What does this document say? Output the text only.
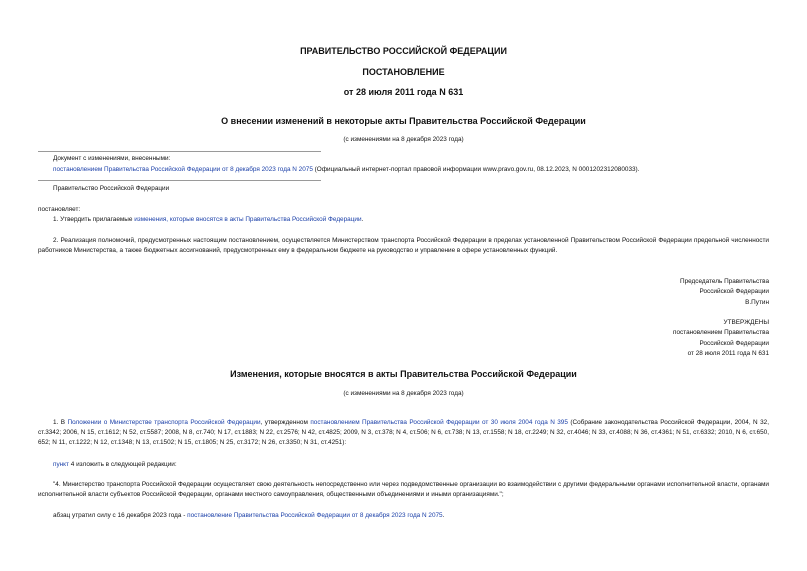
ПРАВИТЕЛЬСТВО РОССИЙСКОЙ ФЕДЕРАЦИИ
ПОСТАНОВЛЕНИЕ
от 28 июля 2011 года N 631
О внесении изменений в некоторые акты Правительства Российской Федерации
(с изменениями на 8 декабря 2023 года)
Документ с изменениями, внесенными:
постановлением Правительства Российской Федерации от 8 декабря 2023 года N 2075 (Официальный интернет-портал правовой информации www.pravo.gov.ru, 08.12.2023, N 0001202312080033).
Правительство Российской Федерации
постановляет:
1. Утвердить прилагаемые изменения, которые вносятся в акты Правительства Российской Федерации.
2. Реализация полномочий, предусмотренных настоящим постановлением, осуществляется Министерством транспорта Российской Федерации в пределах установленной Правительством Российской Федерации предельной численности работников Министерства, а также бюджетных ассигнований, предусмотренных ему в федеральном бюджете на руководство и управление в сфере установленных функций.
Председатель Правительства
Российской Федерации
В.Путин
УТВЕРЖДЕНЫ
постановлением Правительства
Российской Федерации
от 28 июля 2011 года N 631
Изменения, которые вносятся в акты Правительства Российской Федерации
(с изменениями на 8 декабря 2023 года)
1. В Положении о Министерстве транспорта Российской Федерации, утвержденном постановлением Правительства Российской Федерации от 30 июля 2004 года N 395 (Собрание законодательства Российской Федерации, 2004, N 32, ст.3342; 2006, N 15, ст.1612; N 52, ст.5587; 2008, N 8, ст.740; N 17, ст.1883; N 22, ст.2576; N 42, ст.4825; 2009, N 3, ст.378; N 4, ст.506; N 6, ст.738; N 13, ст.1558; N 18, ст.2249; N 32, ст.4046; N 33, ст.4088; N 36, ст.4361; N 51, ст.6332; 2010, N 6, ст.650, 652; N 11, ст.1222; N 12, ст.1348; N 13, ст.1502; N 15, ст.1805; N 25, ст.3172; N 26, ст.3350; N 31, ст.4251):
пункт 4 изложить в следующей редакции:
"4. Министерство транспорта Российской Федерации осуществляет свою деятельность непосредственно или через подведомственные организации во взаимодействии с другими федеральными органами исполнительной власти, органами исполнительной власти субъектов Российской Федерации, органами местного самоуправления, общественными объединениями и иными организациями.";
абзац утратил силу с 16 декабря 2023 года - постановление Правительства Российской Федерации от 8 декабря 2023 года N 2075.
